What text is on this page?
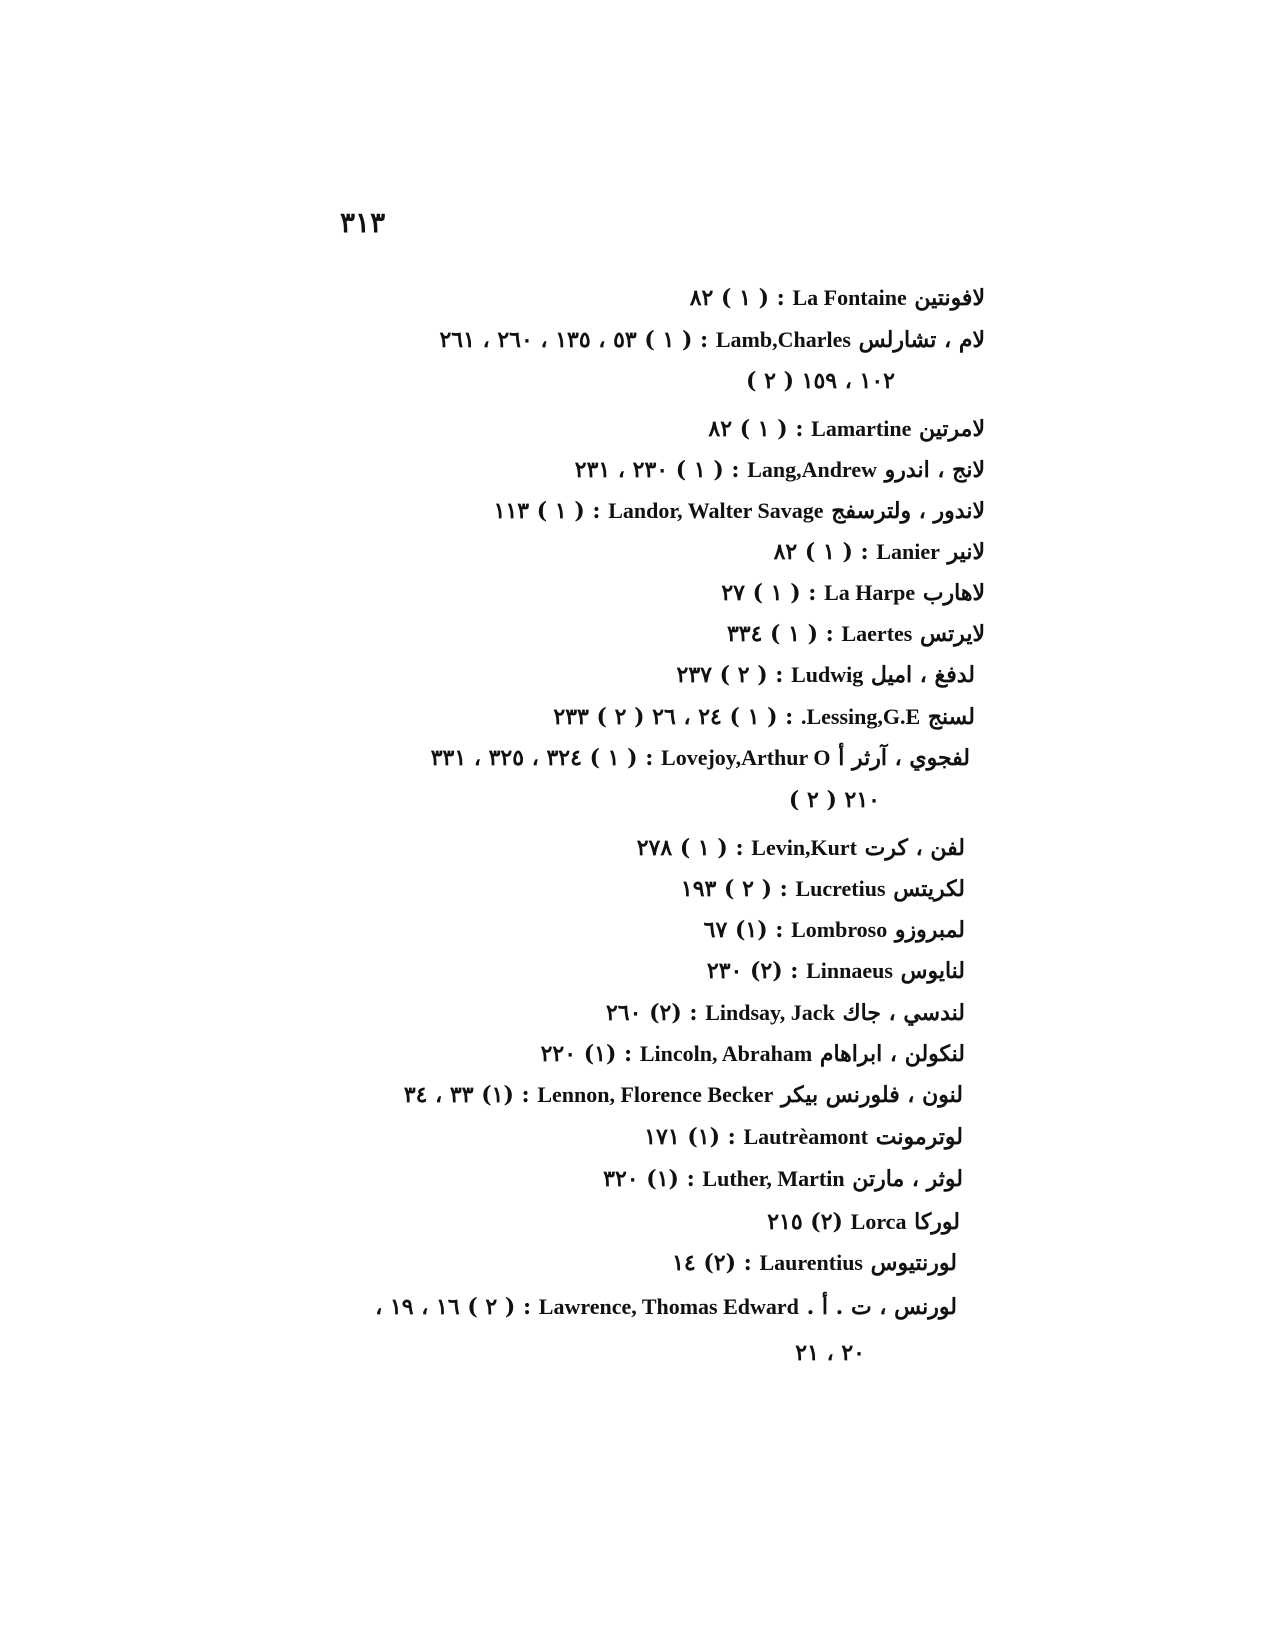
٣١٣
لافونتين La Fontaine : ( ١ ) ٨٢
لام ، تشارلس Lamb,Charles : ( ١ ) ٥٣ ، ١٣٥ ، ٢٦٠ ، ٢٦١
( ٢ ) ١٠٢ ، ١٥٩
لامرتين Lamartine : ( ١ ) ٨٢
لانج ، اندرو Lang,Andrew : ( ١ ) ٢٣٠ ، ٢٣١
لاندور ، ولترسفج Landor, Walter Savage : ( ١ ) ١١٣
لانير Lanier : ( ١ ) ٨٢
لاهارب La Harpe : ( ١ ) ٢٧
لايرتس Laertes : ( ١ ) ٣٣٤
لدفغ ، اميل Ludwig : ( ٢ ) ٢٣٧
لسنج Lessing,G.E. : ( ١ ) ٢٤ ، ٢٦ ( ٢ ) ٢٣٣
لفجوي ، آرثر أ Lovejoy,Arthur O : ( ١ ) ٣٢٤ ، ٣٢٥ ، ٣٣١
( ٢ ) ٢١٠
لفن ، كرت Levin,Kurt : ( ١ ) ٢٧٨
لكريتس Lucretius : ( ٢ ) ١٩٣
لمبروزو Lombroso : (١) ٦٧
لنايوس Linnaeus : (٢) ٢٣٠
لندسي ، جاك Lindsay, Jack : (٢) ٢٦٠
لنكولن ، ابراهام Lincoln, Abraham : (١) ٢٢٠
لنون ، فلورنس بيكر Lennon, Florence Becker : (١) ٣٣ ، ٣٤
لوترمونت Lautrèamont : (١) ١٧١
لوثر ، مارتن Luther, Martin : (١) ٣٢٠
لوركا Lorca (٢) ٢١٥
لورنتيوس Laurentius : (٢) ١٤
لورنس ، ت . أ . Lawrence, Thomas Edward : ( ٢ ) ١٦ ، ١٩ ،
٢٠ ، ٢١
